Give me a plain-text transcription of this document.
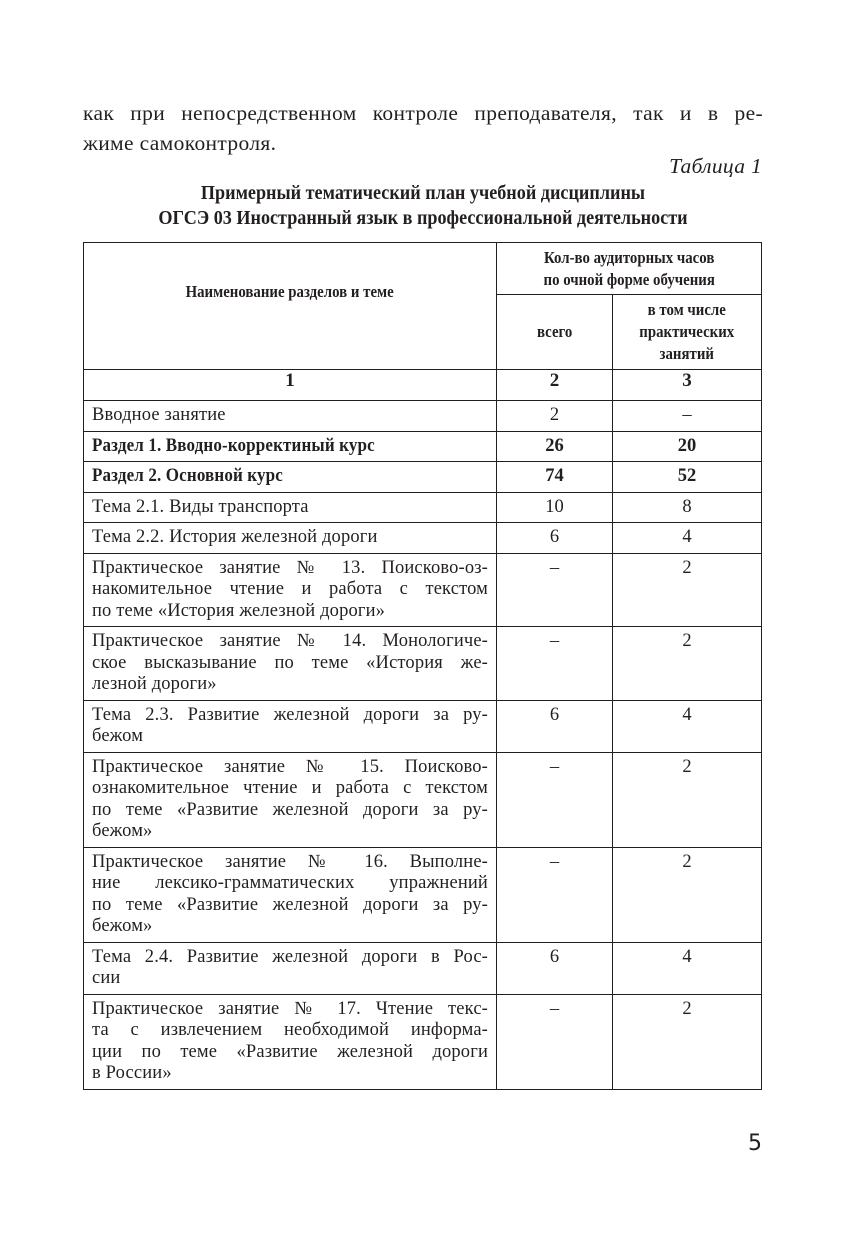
как при непосредственном контроле преподавателя, так и в ре-
жиме самоконтроля.
Таблица 1
Примерный тематический план учебной дисциплины
ОГСЭ 03 Иностранный язык в профессиональной деятельности
Наименование разделов и теме	Кол-во аудиторных часов
по очной форме обучения	
	всего	в том числе
практических
занятий
1	2	3

Вводное занятие	2	–

Раздел 1. Вводно-корректиный курс	26	20

Раздел 2. Основной курс	74	52

Тема 2.1. Виды транспорта	10	8

Тема 2.2. История железной дороги	6	4

Практическое занятие № 13. Поисково-оз-
накомительное чтение и работа с текстом
по теме «История железной дороги»	–	2

Практическое занятие № 14. Монологиче-
ское высказывание по теме «История же-
лезной дороги»	–	2

Тема 2.3. Развитие железной дороги за ру-
бежом	6	4

Практическое занятие № 15. Поисково-
ознакомительное чтение и работа с текстом
по теме «Развитие железной дороги за ру-
бежом»	–	2

Практическое занятие № 16. Выполне-
ние лексико-грамматических упражнений
по теме «Развитие железной дороги за ру-
бежом»	–	2

Тема 2.4. Развитие железной дороги в Рос-
сии	6	4

Практическое занятие № 17. Чтение текс-
та с извлечением необходимой информа-
ции по теме «Развитие железной дороги
в России»	–	2
5
